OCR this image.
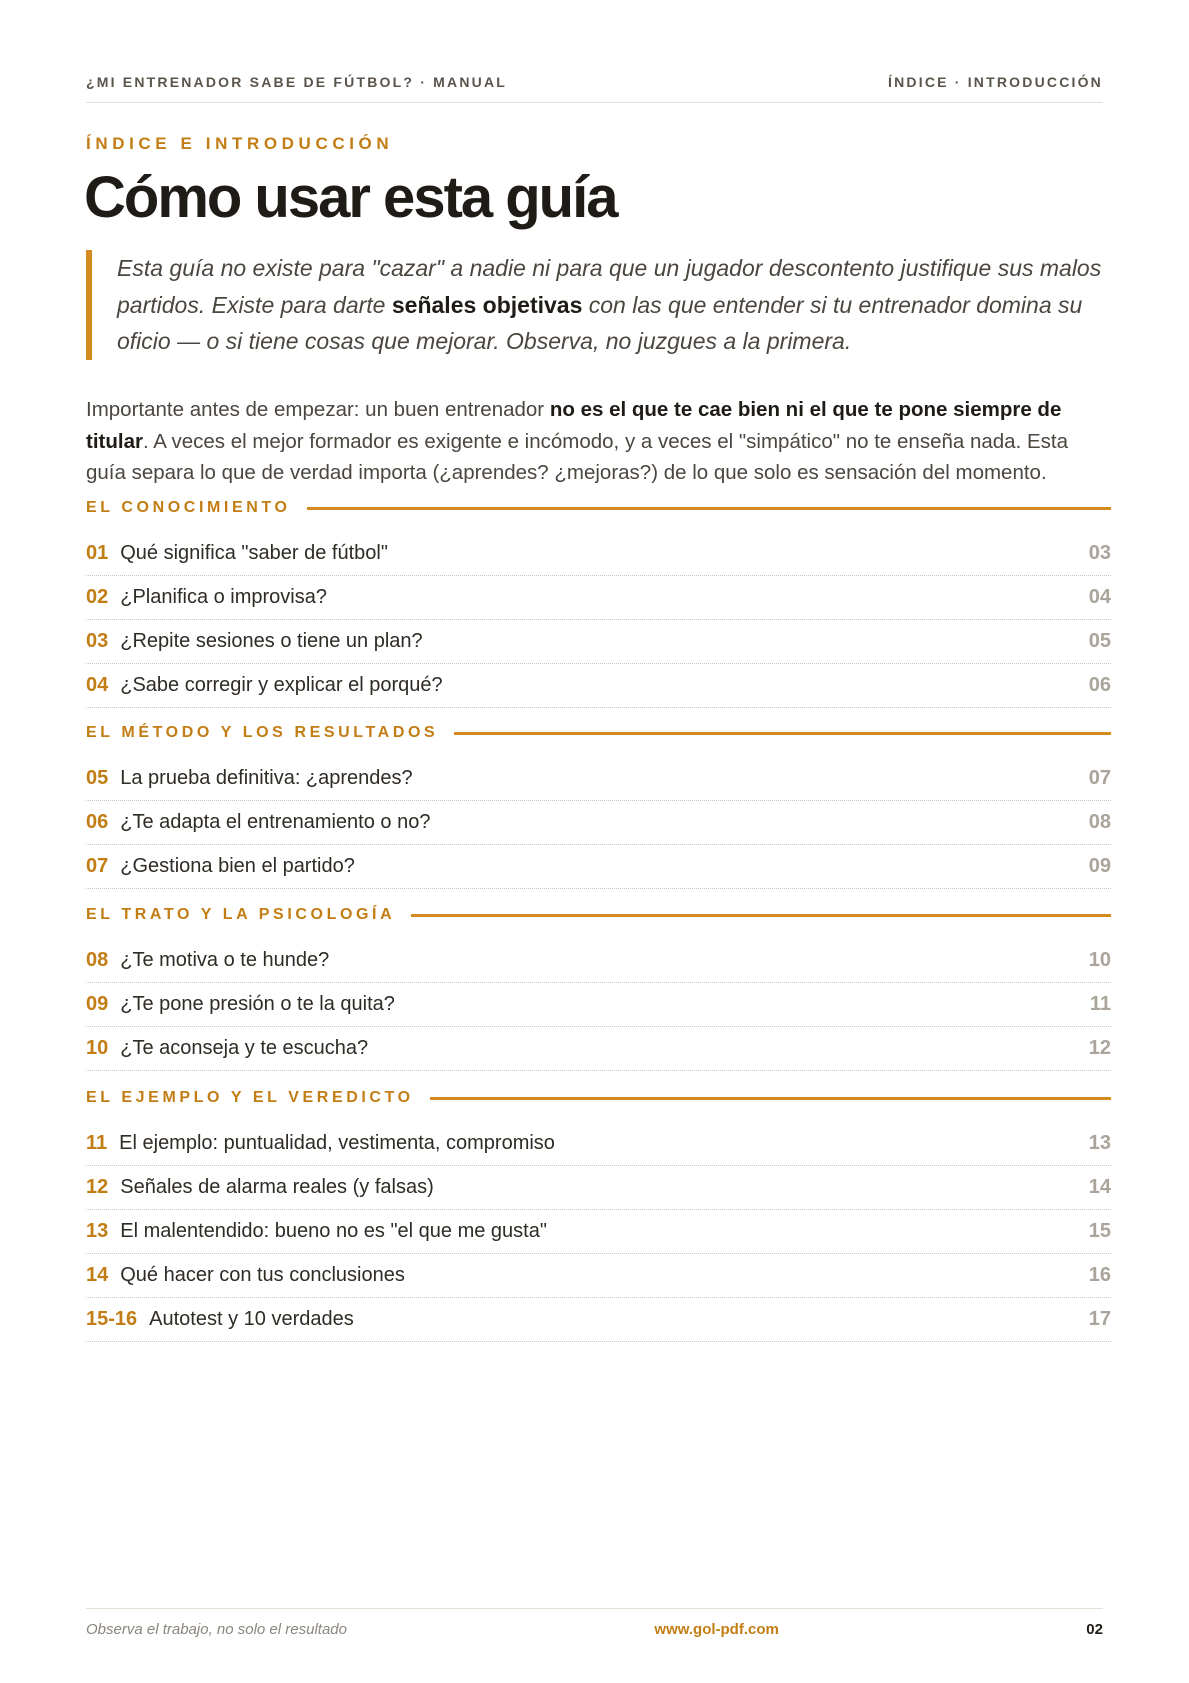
¿MI ENTRENADOR SABE DE FÚTBOL? · MANUAL	ÍNDICE · INTRODUCCIÓN
ÍNDICE E INTRODUCCIÓN
Cómo usar esta guía
Esta guía no existe para "cazar" a nadie ni para que un jugador descontento justifique sus malos partidos. Existe para darte señales objetivas con las que entender si tu entrenador domina su oficio — o si tiene cosas que mejorar. Observa, no juzgues a la primera.
Importante antes de empezar: un buen entrenador no es el que te cae bien ni el que te pone siempre de titular. A veces el mejor formador es exigente e incómodo, y a veces el "simpático" no te enseña nada. Esta guía separa lo que de verdad importa (¿aprendes? ¿mejoras?) de lo que solo es sensación del momento.
EL CONOCIMIENTO
01 Qué significa "saber de fútbol"	03
02 ¿Planifica o improvisa?	04
03 ¿Repite sesiones o tiene un plan?	05
04 ¿Sabe corregir y explicar el porqué?	06
EL MÉTODO Y LOS RESULTADOS
05 La prueba definitiva: ¿aprendes?	07
06 ¿Te adapta el entrenamiento o no?	08
07 ¿Gestiona bien el partido?	09
EL TRATO Y LA PSICOLOGÍA
08 ¿Te motiva o te hunde?	10
09 ¿Te pone presión o te la quita?	11
10 ¿Te aconseja y te escucha?	12
EL EJEMPLO Y EL VEREDICTO
11 El ejemplo: puntualidad, vestimenta, compromiso	13
12 Señales de alarma reales (y falsas)	14
13 El malentendido: bueno no es "el que me gusta"	15
14 Qué hacer con tus conclusiones	16
15-16 Autotest y 10 verdades	17
Observa el trabajo, no solo el resultado	www.gol-pdf.com	02
